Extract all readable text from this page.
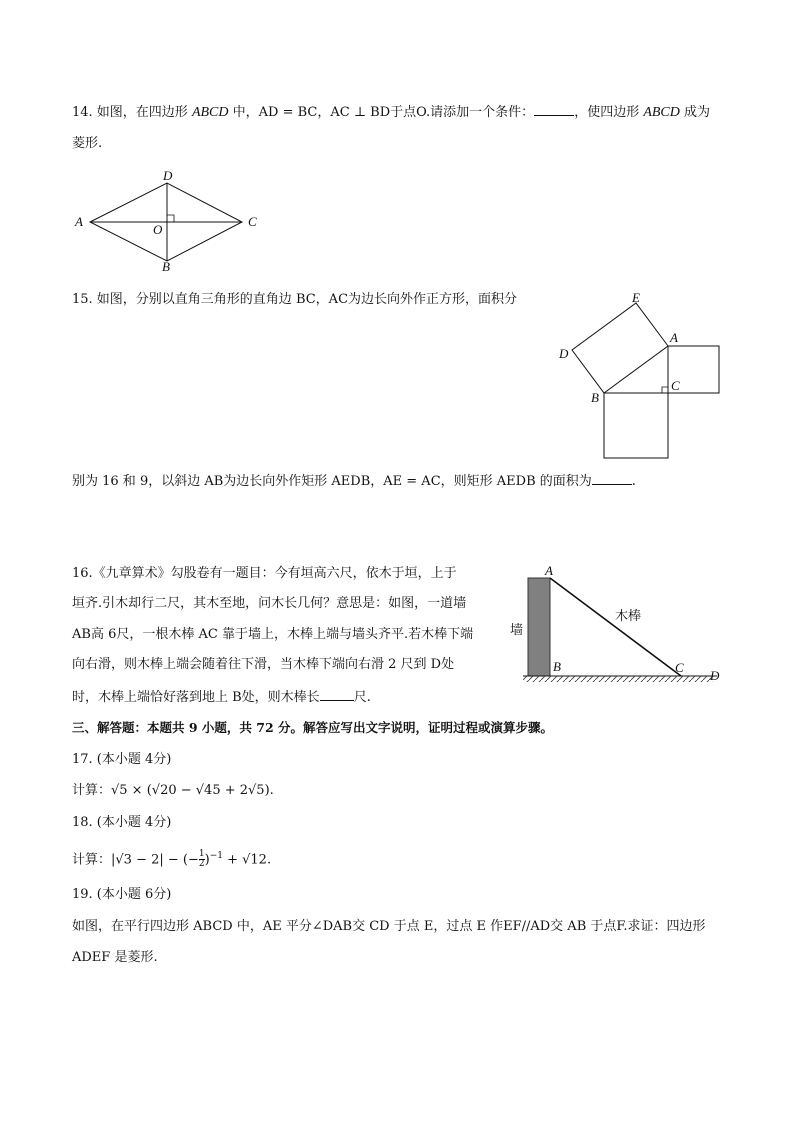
14. 如图，在四边形 ABCD 中，AD = BC，AC ⊥ BD于点O.请添加一个条件：	，使四边形 ABCD 成为
菱形.
D
A	C
O
B
15. 如图，分别以直角三角形的直角边 BC，AC为边长向外作正方形，面积分	E
A
D
C
B
别为 16 和 9，以斜边 AB为边长向外作矩形 AEDB，AE = AC，则矩形 AEDB 的面积为	.
16.《九章算术》勾股卷有一题目：今有垣高六尺，依木于垣，上于
垣齐.引木却行二尺，其木至地，问木长几何？意思是：如图，一道墙
AB高 6尺，一根木棒 AC 靠于墙上，木棒上端与墙头齐平.若木棒下端
向右滑，则木棒上端会随着往下滑，当木棒下端向右滑 2 尺到 D处
时，木棒上端恰好落到地上 B处，则木棒长	尺.
A
B	C
D
墙
木棒
三、解答题：本题共 9 小题，共 72 分。解答应写出文字说明，证明过程或演算步骤。
17. (本小题 4分)
计算：√5 × (√20 − √45 + 2√5).
18. (本小题 4分)
计算：|√3 − 2| − (− $\frac{1}{2} )^{-1} + √12$.
19. (本小题 6分)
如图，在平行四边形 ABCD 中，AE 平分∠DAB交 CD 于点 E，过点 E 作EF//AD交 AB 于点F.求证：四边形
ADEF 是菱形.
